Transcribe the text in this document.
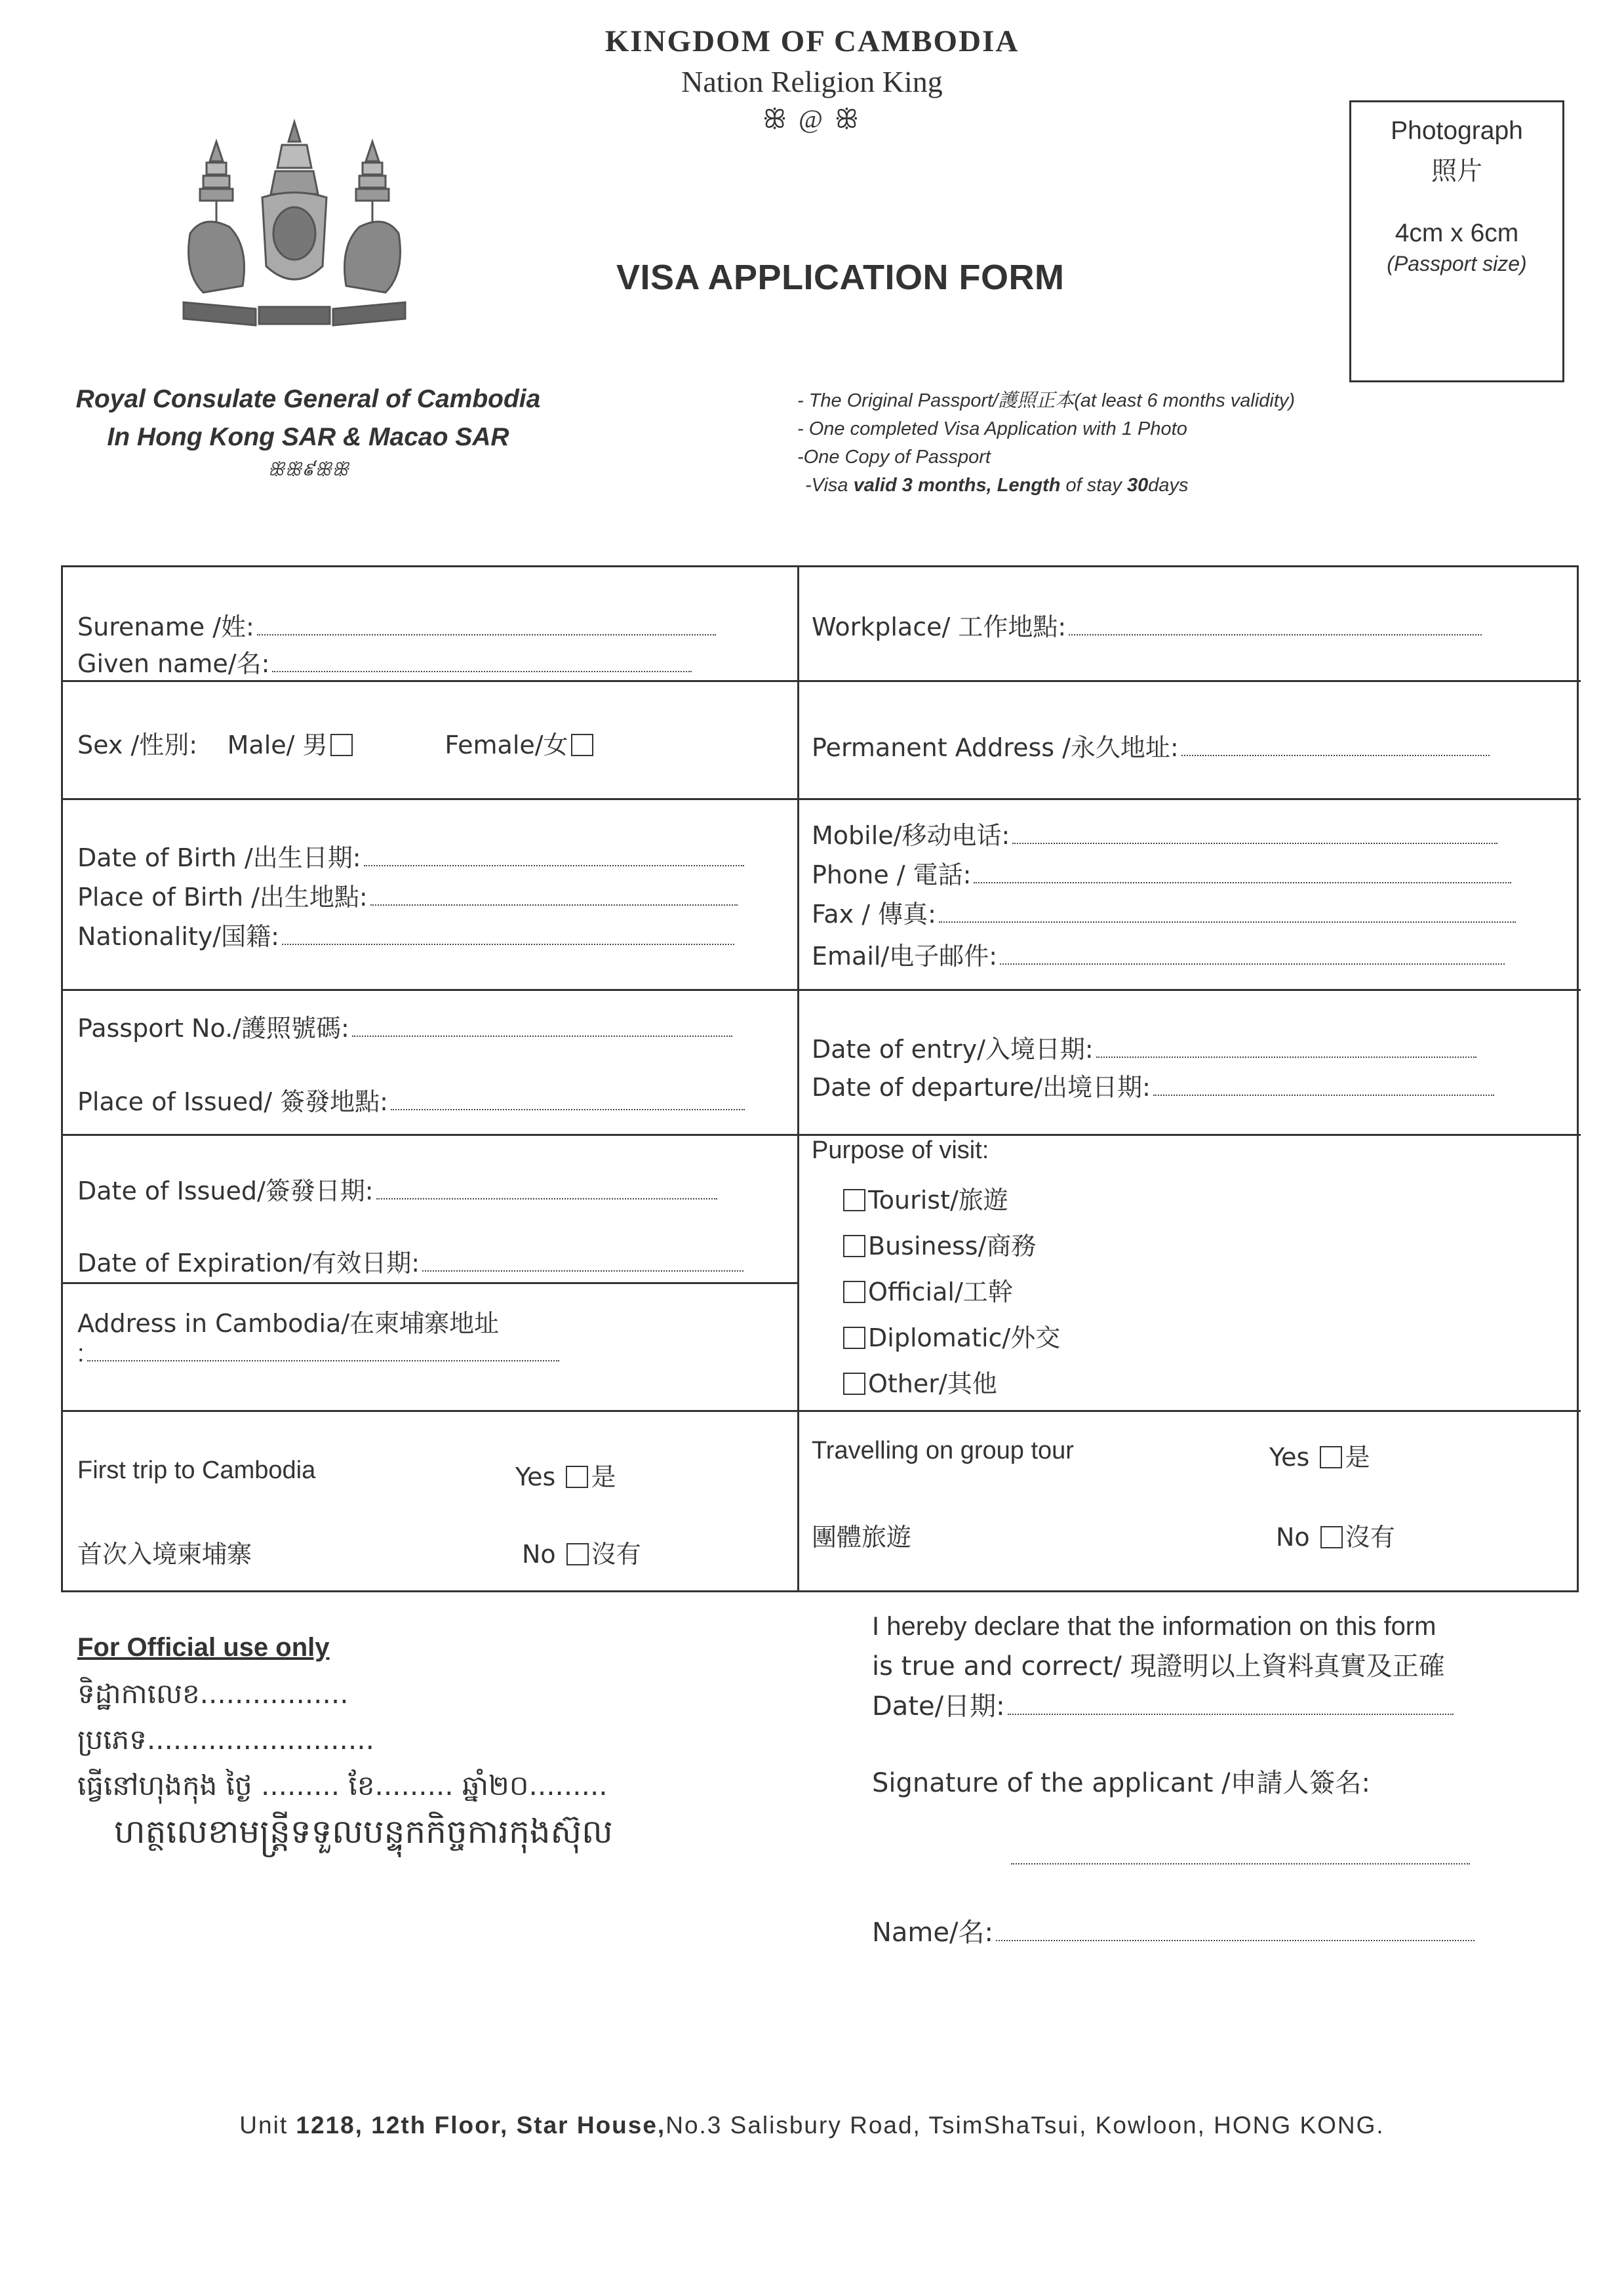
KINGDOM OF CAMBODIA
Nation Religion King
ꕥ @ ꕥ
VISA APPLICATION FORM
Photograph
照片
4cm x 6cm
(Passport size)
Royal Consulate General of Cambodia
In Hong Kong SAR & Macao SAR
ꕥꕥ៩ꕥꕥ
- The Original Passport/護照正本(at least 6 months validity)
- One completed Visa Application with 1 Photo
-One Copy of Passport
-Visa valid 3 months, Length of stay 30days
Surename /姓:
Given name/名:
Workplace/ 工作地點:
Sex /性別: Male/ 男	Female/女	Permanent Address /永久地址:
Date of Birth /出生日期:
Place of Birth /出生地點:
Nationality/国籍:
Mobile/移动电话:
Phone / 電話:
Fax / 傳真:
Email/电子邮件:
Passport No./護照號碼:
Place of Issued/ 簽發地點:
Date of entry/入境日期:
Date of departure/出境日期:
Date of Issued/簽發日期:
Date of Expiration/有效日期:
Address in Cambodia/在柬埔寨地址
:
Purpose of visit:
Tourist/旅遊
Business/商務
Official/工幹
Diplomatic/外交
Other/其他
First trip to Cambodia
首次入境柬埔寨
Yes 是
No 沒有
Travelling on group tour
團體旅遊
Yes 是
No 沒有
For Official use only
ទិដ្ឋាកាលេខ.................
ប្រភេទ..........................
ធ្វើនៅហុងកុង ថ្ងៃ ......... ខែ......... ឆ្នាំ២០.........
ហត្ថលេខាមន្ត្រីទទួលបន្ទុកកិច្ចការកុងស៊ុល
I hereby declare that the information on this form
is true and correct/ 現證明以上資料真實及正確
Date/日期:
Signature of the applicant /申請人簽名:
Name/名:
Unit 1218, 12th Floor, Star House,No.3 Salisbury Road, TsimShaTsui, Kowloon, HONG KONG.
